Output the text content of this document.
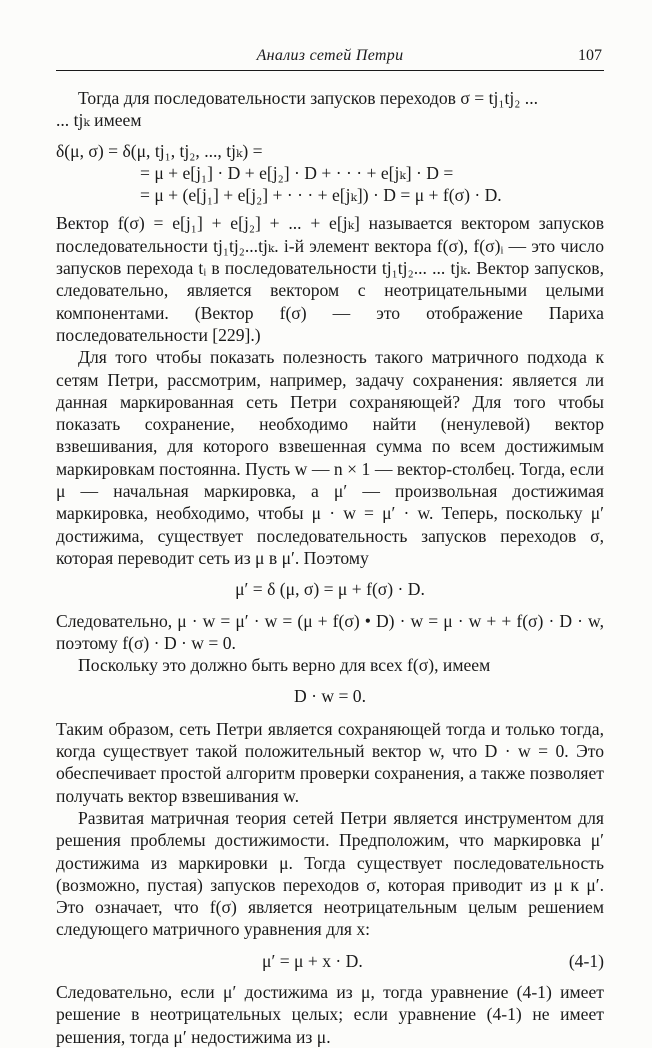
Анализ сетей Петри	107
Тогда для последовательности запусков переходов σ = tj₁tj₂ ...
... tjₖ имеем
δ(μ, σ) = δ(μ, tj₁, tj₂, ..., tjₖ) =
= μ + e[j₁] · D + e[j₂] · D + · · · + e[jₖ] · D =
= μ + (e[j₁] + e[j₂] + · · · + e[jₖ]) · D = μ + f(σ) · D.

Вектор f(σ) = e[j₁] + e[j₂] + ... + e[jₖ] называется вектором запусков последовательности tj₁tj₂...tjₖ. i-й элемент вектора f(σ), f(σ)ᵢ — это число запусков перехода tᵢ в последовательности tj₁tj₂... ... tjₖ. Вектор запусков, следовательно, является вектором с неотрицательными целыми компонентами. (Вектор f(σ) — это отображение Париха последовательности [229].)

Для того чтобы показать полезность такого матричного подхода к сетям Петри, рассмотрим, например, задачу сохранения: является ли данная маркированная сеть Петри сохраняющей? Для того чтобы показать сохранение, необходимо найти (ненулевой) вектор взвешивания, для которого взвешенная сумма по всем достижимым маркировкам постоянна. Пусть w — n × 1 — вектор-столбец. Тогда, если μ — начальная маркировка, а μ′ — произвольная достижимая маркировка, необходимо, чтобы μ · w = μ′ · w. Теперь, поскольку μ′ достижима, существует последовательность запусков переходов σ, которая переводит сеть из μ в μ′. Поэтому

μ′ = δ (μ, σ) = μ + f(σ) · D.

Следовательно, μ · w = μ′ · w = (μ + f(σ) • D) · w = μ · w + + f(σ) · D · w, поэтому f(σ) · D · w = 0.

Поскольку это должно быть верно для всех f(σ), имеем

D · w = 0.

Таким образом, сеть Петри является сохраняющей тогда и только тогда, когда существует такой положительный вектор w, что D · w = 0. Это обеспечивает простой алгоритм проверки сохранения, а также позволяет получать вектор взвешивания w.

Развитая матричная теория сетей Петри является инструментом для решения проблемы достижимости. Предположим, что маркировка μ′ достижима из маркировки μ. Тогда существует последовательность (возможно, пустая) запусков переходов σ, которая приводит из μ к μ′. Это означает, что f(σ) является неотрицательным целым решением следующего матричного уравнения для x:

μ′ = μ + x · D.	(4-1)

Следовательно, если μ′ достижима из μ, тогда уравнение (4-1) имеет решение в неотрицательных целых; если уравнение (4-1) не имеет решения, тогда μ′ недостижима из μ.
